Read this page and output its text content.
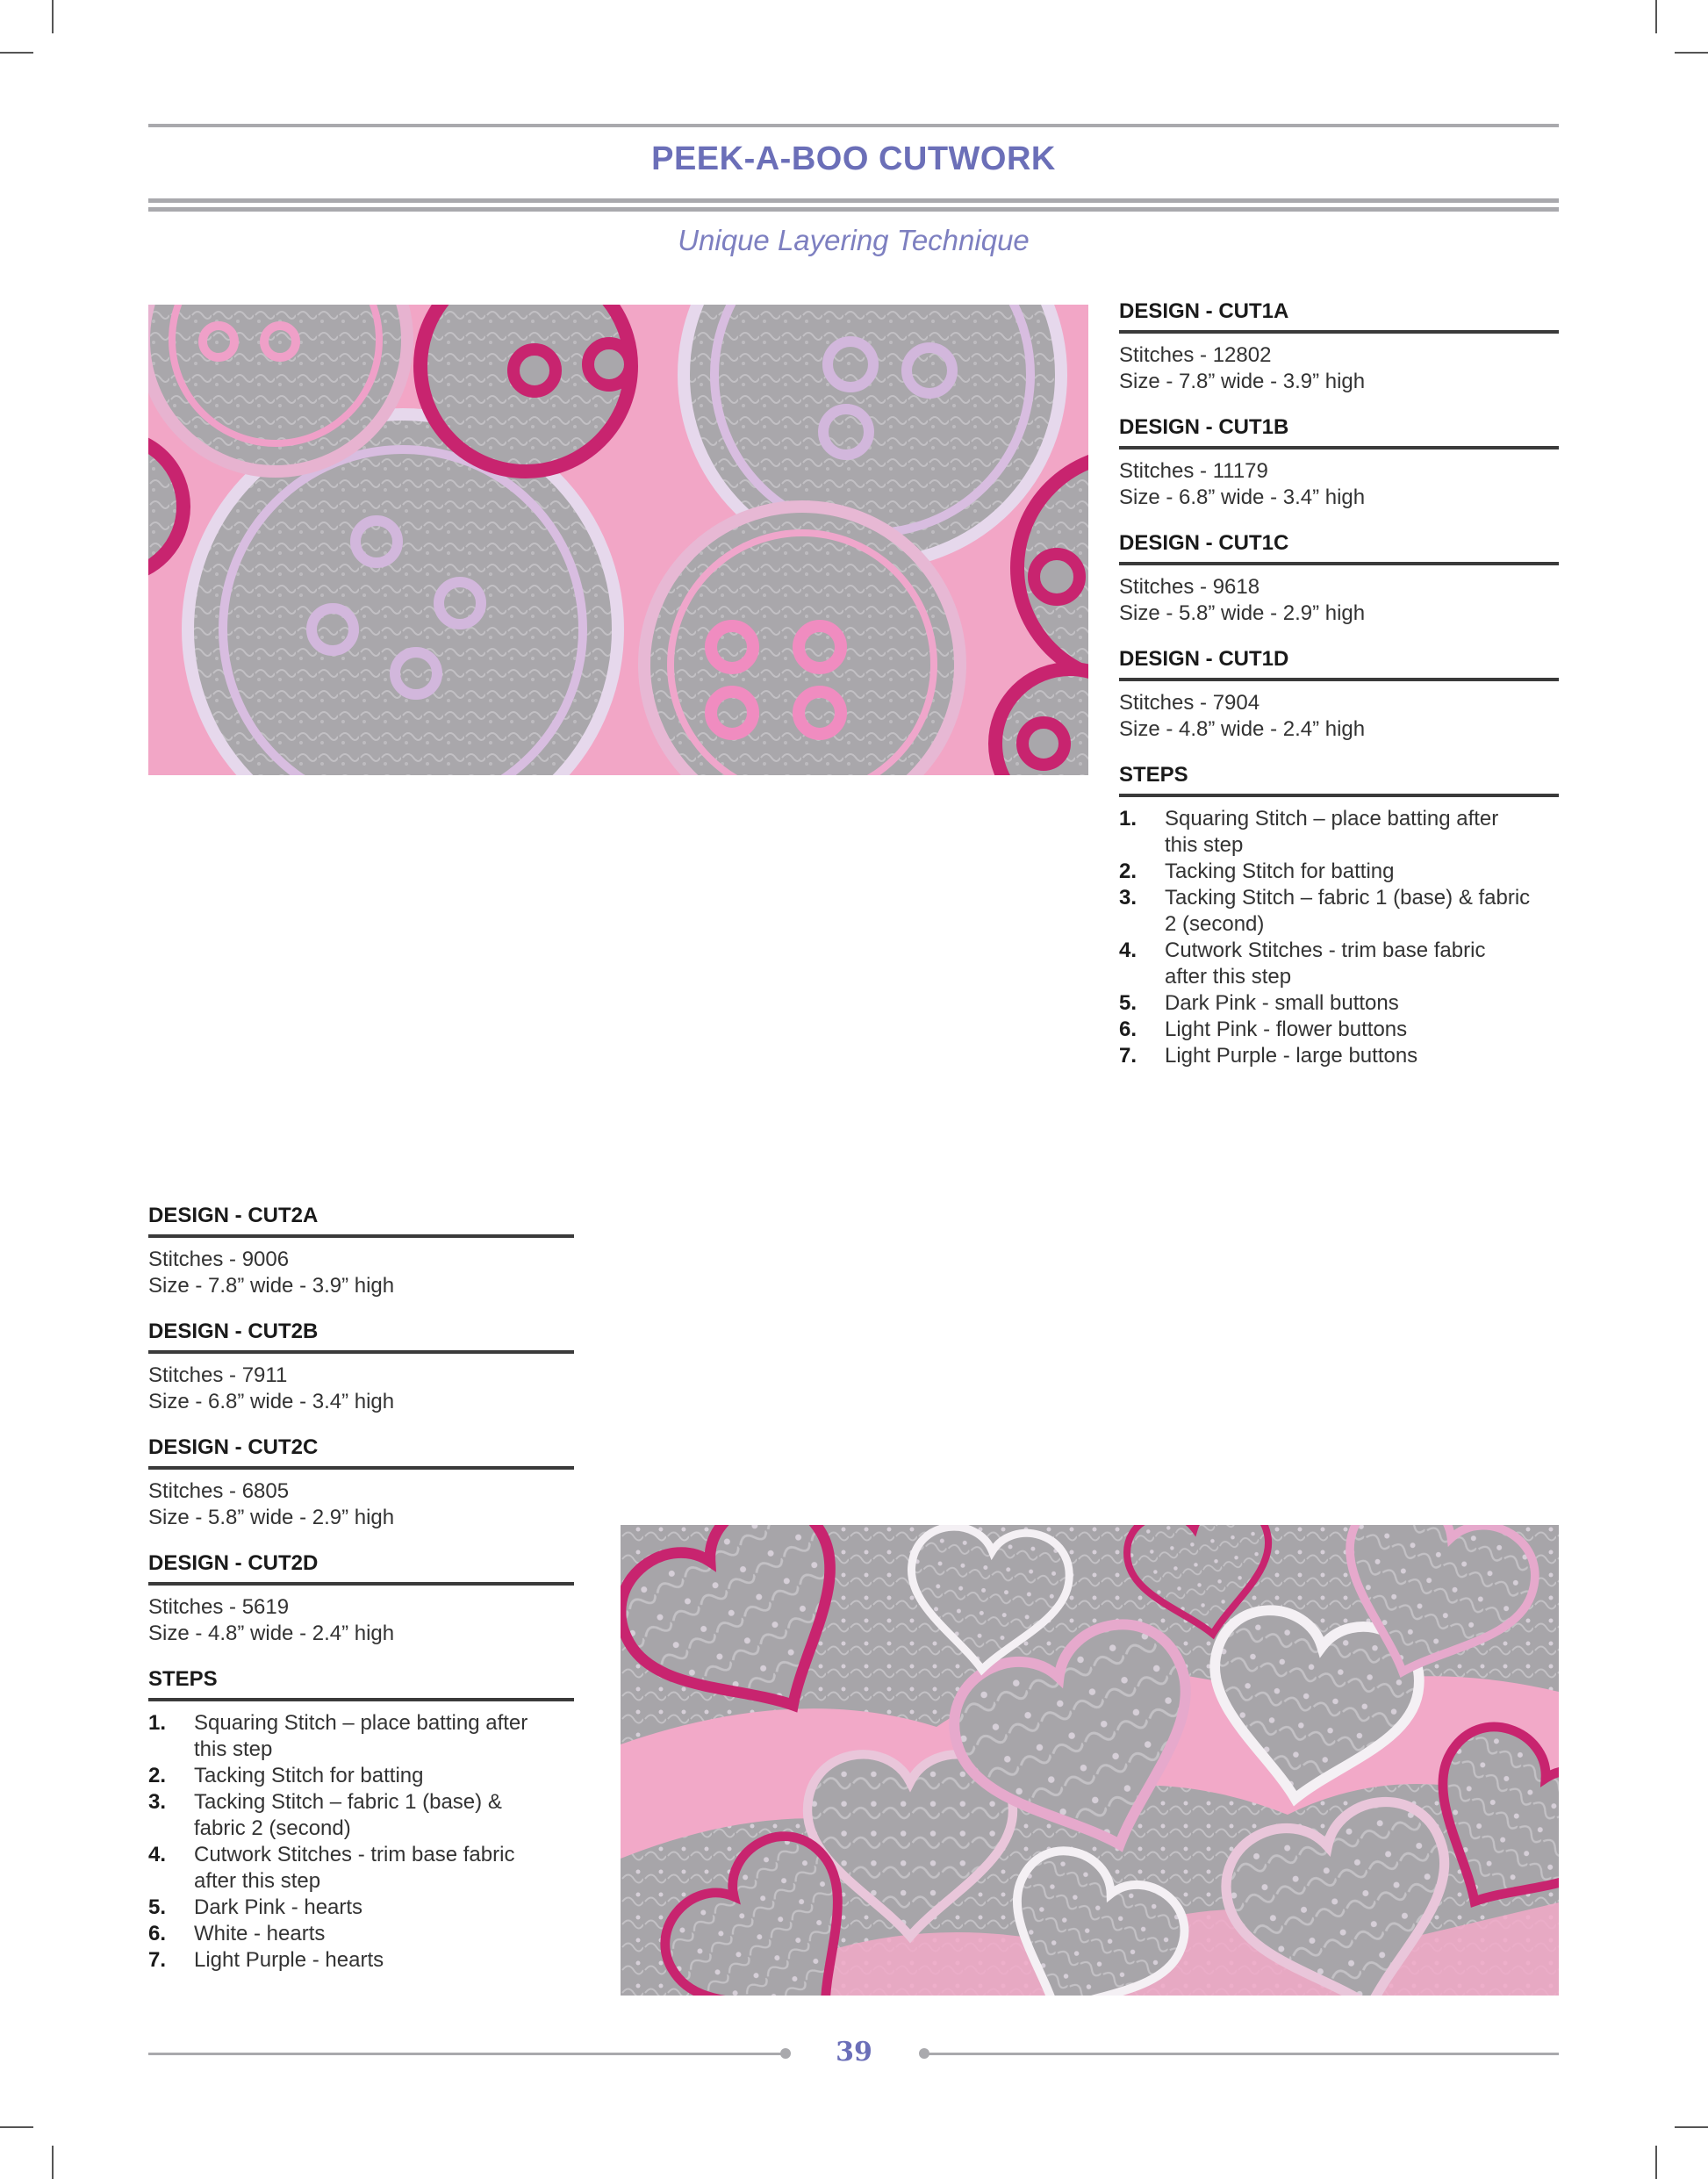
PEEK-A-BOO CUTWORK
Unique Layering Technique
DESIGN - CUT1A
Stitches - 12802
Size - 7.8” wide - 3.9” high
DESIGN - CUT1B
Stitches - 11179
Size - 6.8” wide - 3.4” high
DESIGN - CUT1C
Stitches - 9618
Size - 5.8” wide - 2.9” high
DESIGN - CUT1D
Stitches - 7904
Size - 4.8” wide - 2.4” high
STEPS
1.	Squaring Stitch – place batting after
this step
2.	Tacking Stitch for batting
3.	Tacking Stitch – fabric 1 (base) & fabric
2 (second)
4.	Cutwork Stitches - trim base fabric
after this step
5.	Dark Pink - small buttons
6.	Light Pink - flower buttons
7.	Light Purple - large buttons
DESIGN - CUT2A
Stitches - 9006
Size - 7.8” wide - 3.9” high
DESIGN - CUT2B
Stitches - 7911
Size - 6.8” wide - 3.4” high
DESIGN - CUT2C
Stitches - 6805
Size - 5.8” wide - 2.9” high
DESIGN - CUT2D
Stitches - 5619
Size - 4.8” wide - 2.4” high
STEPS
1.	Squaring Stitch – place batting after
this step
2.	Tacking Stitch for batting
3.	Tacking Stitch – fabric 1 (base) &
fabric 2 (second)
4.	Cutwork Stitches - trim base fabric
after this step
5.	Dark Pink - hearts
6.	White - hearts
7.	Light Purple - hearts
39
